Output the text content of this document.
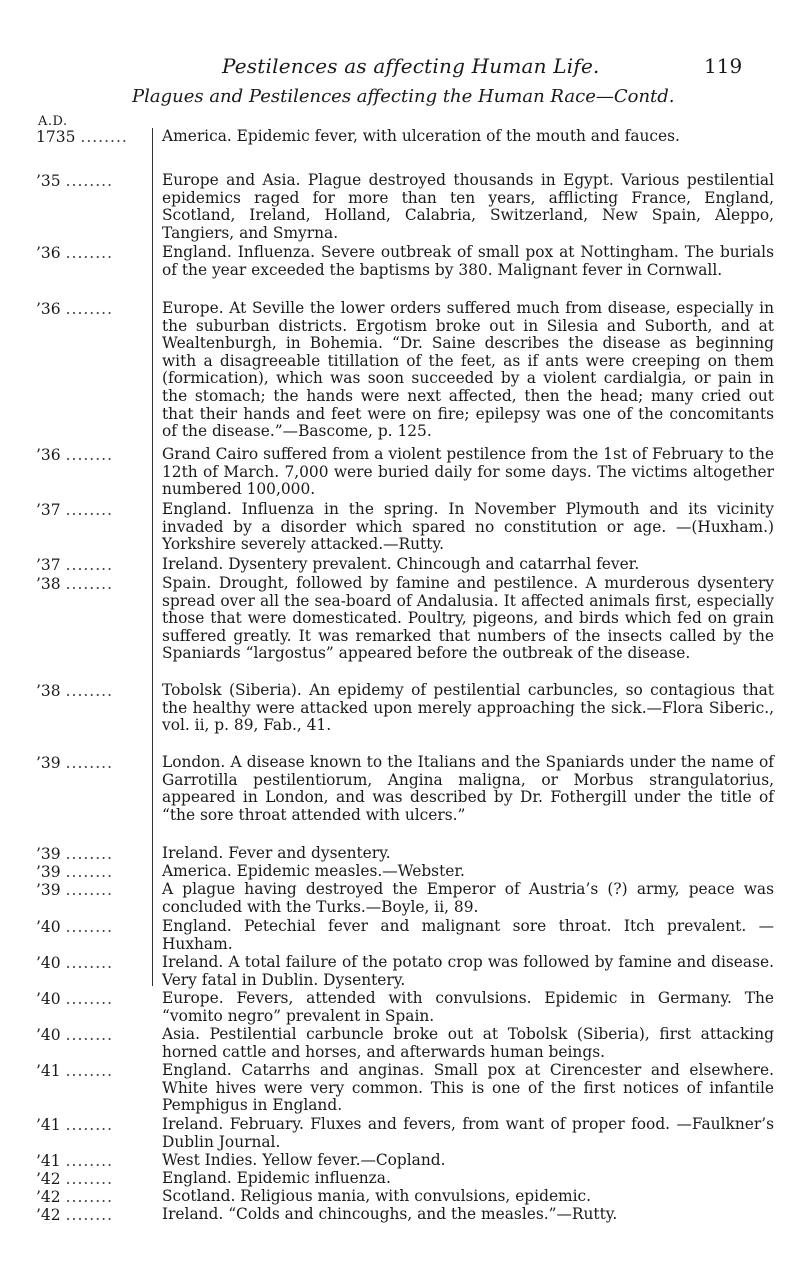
Pestilences as affecting Human Life.	119
Plagues and Pestilences affecting the Human Race—Contd.
A.D.
1735 ........	America. Epidemic fever, with ulceration of the mouth and fauces.
’35 ........	Europe and Asia. Plague destroyed thousands in Egypt. Various pestilential epidemics raged for more than ten years, afflicting France, England, Scotland, Ireland, Holland, Calabria, Switzerland, New Spain, Aleppo, Tangiers, and Smyrna.
’36 ........	England. Influenza. Severe outbreak of small pox at Nottingham. The burials of the year exceeded the baptisms by 380. Malignant fever in Cornwall.
’36 ........	Europe. At Seville the lower orders suffered much from disease, especially in the suburban districts. Ergotism broke out in Silesia and Suborth, and at Wealtenburgh, in Bohemia. “Dr. Saine describes the disease as beginning with a disagreeable titillation of the feet, as if ants were creeping on them (formication), which was soon succeeded by a violent cardialgia, or pain in the stomach; the hands were next affected, then the head; many cried out that their hands and feet were on fire; epilepsy was one of the concomitants of the disease.”—Bascome, p. 125.
’36 ........	Grand Cairo suffered from a violent pestilence from the 1st of February to the 12th of March. 7,000 were buried daily for some days. The victims altogether numbered 100,000.
’37 ........	England. Influenza in the spring. In November Plymouth and its vicinity invaded by a disorder which spared no constitution or age. —(Huxham.) Yorkshire severely attacked.—Rutty.
’37 ........	Ireland. Dysentery prevalent. Chincough and catarrhal fever.
’38 ........	Spain. Drought, followed by famine and pestilence. A murderous dysentery spread over all the sea-board of Andalusia. It affected animals first, especially those that were domesticated. Poultry, pigeons, and birds which fed on grain suffered greatly. It was remarked that numbers of the insects called by the Spaniards “largostus” appeared before the outbreak of the disease.
’38 ........	Tobolsk (Siberia). An epidemy of pestilential carbuncles, so contagious that the healthy were attacked upon merely approaching the sick.—Flora Siberic., vol. ii, p. 89, Fab., 41.
’39 ........	London. A disease known to the Italians and the Spaniards under the name of Garrotilla pestilentiorum, Angina maligna, or Morbus strangulatorius, appeared in London, and was described by Dr. Fothergill under the title of “the sore throat attended with ulcers.”
’39 ........	Ireland. Fever and dysentery.
’39 ........	America. Epidemic measles.—Webster.
’39 ........	A plague having destroyed the Emperor of Austria’s (?) army, peace was concluded with the Turks.—Boyle, ii, 89.
’40 ........	England. Petechial fever and malignant sore throat. Itch prevalent. —Huxham.
’40 ........	Ireland. A total failure of the potato crop was followed by famine and disease. Very fatal in Dublin. Dysentery.
’40 ........	Europe. Fevers, attended with convulsions. Epidemic in Germany. The “vomito negro” prevalent in Spain.
’40 ........	Asia. Pestilential carbuncle broke out at Tobolsk (Siberia), first attacking horned cattle and horses, and afterwards human beings.
’41 ........	England. Catarrhs and anginas. Small pox at Cirencester and elsewhere. White hives were very common. This is one of the first notices of infantile Pemphigus in England.
’41 ........	Ireland. February. Fluxes and fevers, from want of proper food. —Faulkner’s Dublin Journal.
’41 ........	West Indies. Yellow fever.—Copland.
’42 ........	England. Epidemic influenza.
’42 ........	Scotland. Religious mania, with convulsions, epidemic.
’42 ........	Ireland. “Colds and chincoughs, and the measles.”—Rutty.
